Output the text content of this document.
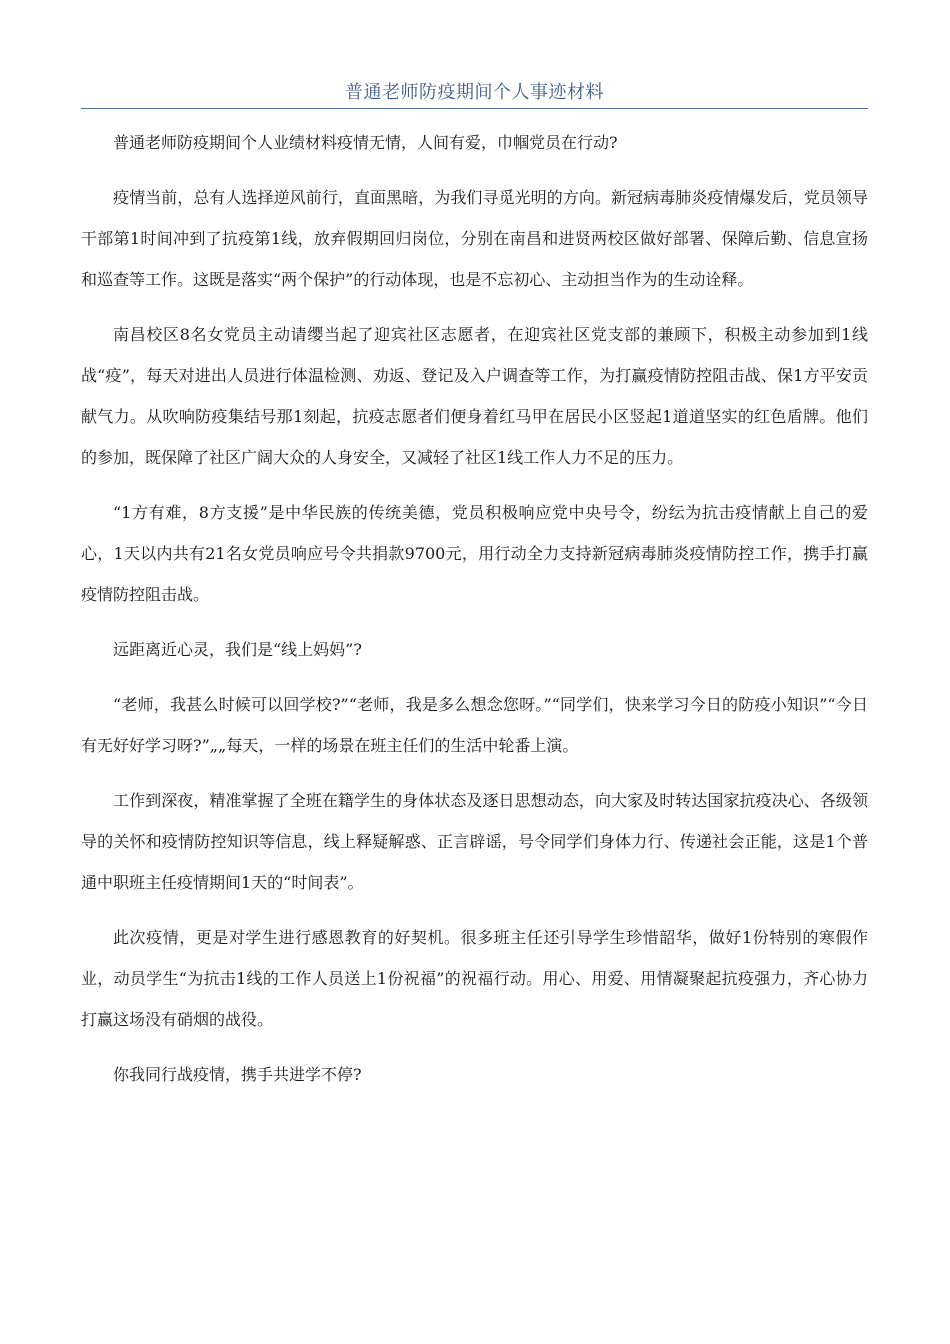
普通老师防疫期间个人事迹材料

普通老师防疫期间个人业绩材料疫情无情，人间有爱，巾帼党员在行动?

疫情当前，总有人选择逆风前行，直面黑暗，为我们寻觅光明的方向。新冠病毒肺炎疫情爆发后，党员领导干部第1时间冲到了抗疫第1线，放弃假期回归岗位，分别在南昌和进贤两校区做好部署、保障后勤、信息宣扬和巡查等工作。这既是落实“两个保护”的行动体现，也是不忘初心、主动担当作为的生动诠释。

南昌校区8名女党员主动请缨当起了迎宾社区志愿者，在迎宾社区党支部的兼顾下，积极主动参加到1线战“疫”，每天对进出人员进行体温检测、劝返、登记及入户调查等工作，为打赢疫情防控阻击战、保1方平安贡献气力。从吹响防疫集结号那1刻起，抗疫志愿者们便身着红马甲在居民小区竖起1道道坚实的红色盾牌。他们的参加，既保障了社区广阔大众的人身安全，又减轻了社区1线工作人力不足的压力。

“1方有难，8方支援”是中华民族的传统美德，党员积极响应党中央号令，纷纭为抗击疫情献上自己的爱心，1天以内共有21名女党员响应号令共捐款9700元，用行动全力支持新冠病毒肺炎疫情防控工作，携手打赢疫情防控阻击战。

远距离近心灵，我们是“线上妈妈”?

“老师，我甚么时候可以回学校?”“老师，我是多么想念您呀。”“同学们，快来学习今日的防疫小知识”“今日有无好好学习呀?”„„每天，一样的场景在班主任们的生活中轮番上演。

工作到深夜，精准掌握了全班在籍学生的身体状态及逐日思想动态，向大家及时转达国家抗疫决心、各级领导的关怀和疫情防控知识等信息，线上释疑解惑、正言辟谣，号令同学们身体力行、传递社会正能，这是1个普通中职班主任疫情期间1天的“时间表”。

此次疫情，更是对学生进行感恩教育的好契机。很多班主任还引导学生珍惜韶华，做好1份特别的寒假作业，动员学生“为抗击1线的工作人员送上1份祝福”的祝福行动。用心、用爱、用情凝聚起抗疫强力，齐心协力打赢这场没有硝烟的战役。

你我同行战疫情，携手共进学不停?
